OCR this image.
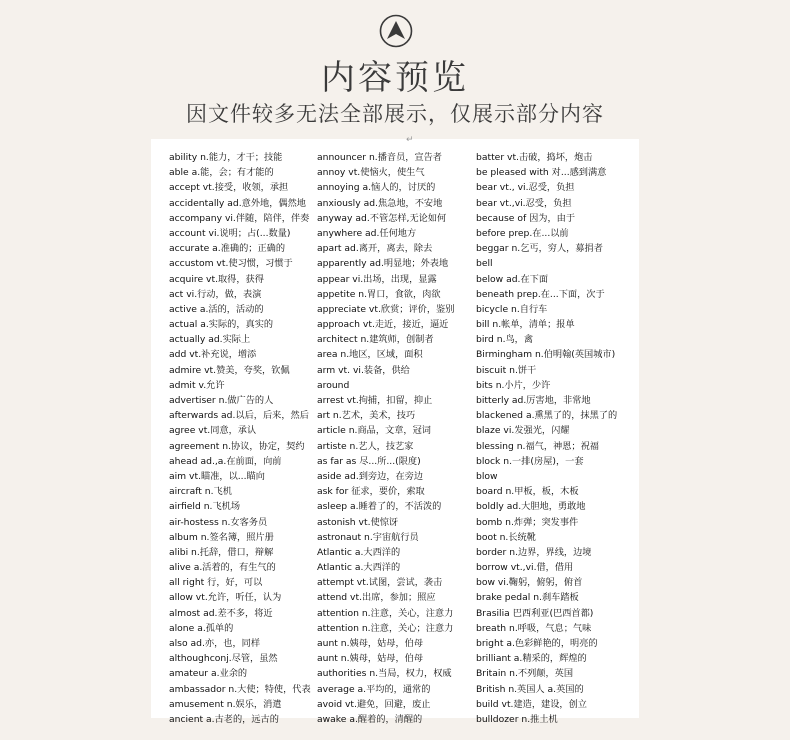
内容预览
因文件较多无法全部展示，仅展示部分内容
↵
ability n.能力，才干；技能
able a.能，会；有才能的
accept vt.接受，收领，承担
accidentally ad.意外地，偶然地
accompany vi.伴随，陪伴，伴奏
account vi.说明；占(...数量)
accurate a.准确的；正确的
accustom vt.使习惯，习惯于
acquire vt.取得，获得
act vi.行动，做，表演
active a.活的，活动的
actual a.实际的，真实的
actually ad.实际上
add vt.补充说，增添
admire vt.赞美，夸奖，钦佩
admit v.允许
advertiser n.做广告的人
afterwards ad.以后，后来，然后
agree vt.同意，承认
agreement n.协议，协定，契约
ahead ad.,a.在前面，向前
aim vt.瞄准，以...瞄向
aircraft n.飞机
airfield n.飞机场
air-hostess n.女客务员
album n.签名簿，照片册
alibi n.托辞，借口，辩解
alive a.活着的，有生气的
all right 行，好，可以
allow vt.允许，听任，认为
almost ad.差不多，将近
alone a.孤单的
also ad.亦，也，同样
althoughconj.尽管，虽然
amateur a.业余的
ambassador n.大使；特使，代表
amusement n.娱乐，消遣
ancient a.古老的，远古的
announcer n.播音员，宣告者
annoy vt.使恼火，使生气
annoying a.恼人的，讨厌的
anxiously ad.焦急地，不安地
anyway ad.不管怎样,无论如何
anywhere ad.任何地方
apart ad.离开，离去，除去
apparently ad.明显地；外表地
appear vi.出场，出现，显露
appetite n.胃口，食欲，肉欲
appreciate vt.欣赏；评价，鉴别
approach vt.走近，接近，逼近
architect n.建筑师，创制者
area n.地区，区域，面积
arm vt. vi.装备，供给
around
arrest vt.拘捕，扣留，抑止
art n.艺术，美术，技巧
article n.商品，文章，冠词
artiste n.艺人，技艺家
as far as 尽...所...(限度)
aside ad.到旁边，在旁边
ask for 征求，要价，索取
asleep a.睡着了的，不活泼的
astonish vt.使惊讶
astronaut n.宇宙航行员
Atlantic a.大西洋的
Atlantic a.大西洋的
attempt vt.试图，尝试，袭击
attend vt.出席，参加；照应
attention n.注意，关心，注意力
attention n.注意，关心；注意力
aunt n.姨母，姑母，伯母
aunt n.姨母，姑母，伯母
authorities n.当局，权力，权威
average a.平均的，通常的
avoid vt.避免，回避，废止
awake a.醒着的，清醒的
batter vt.击破，捣坏，炮击
be pleased with 对...感到满意
bear vt., vi.忍受，负担
bear vt.,vi.忍受，负担
because of 因为，由于
before prep.在...以前
beggar n.乞丐，穷人，募捐者
bell
below ad.在下面
beneath prep.在...下面，次于
bicycle n.自行车
bill n.帐单，清单；报单
bird n.鸟，禽
Birmingham n.伯明翰(英国城市)
biscuit n.饼干
bits n.小片，少许
bitterly ad.厉害地，非常地
blackened a.熏黑了的，抹黑了的
blaze vi.发强光，闪耀
blessing n.福气，神恩；祝福
block n.一排(房屋)，一套
blow
board n.甲板，板，木板
boldly ad.大胆地，勇敢地
bomb n.炸弹；突发事件
boot n.长统靴
border n.边界，界线，边境
borrow vt.,vi.借，借用
bow vi.鞠躬，俯躬，俯首
brake pedal n.刹车踏板
Brasilia 巴西利亚(巴西首都)
breath n.呼吸，气息；气味
bright a.色彩鲜艳的，明亮的
brilliant a.精采的，辉煌的
Britain n.不列颠，英国
British n.英国人 a.英国的
build vt.建造，建设，创立
bulldozer n.推土机
